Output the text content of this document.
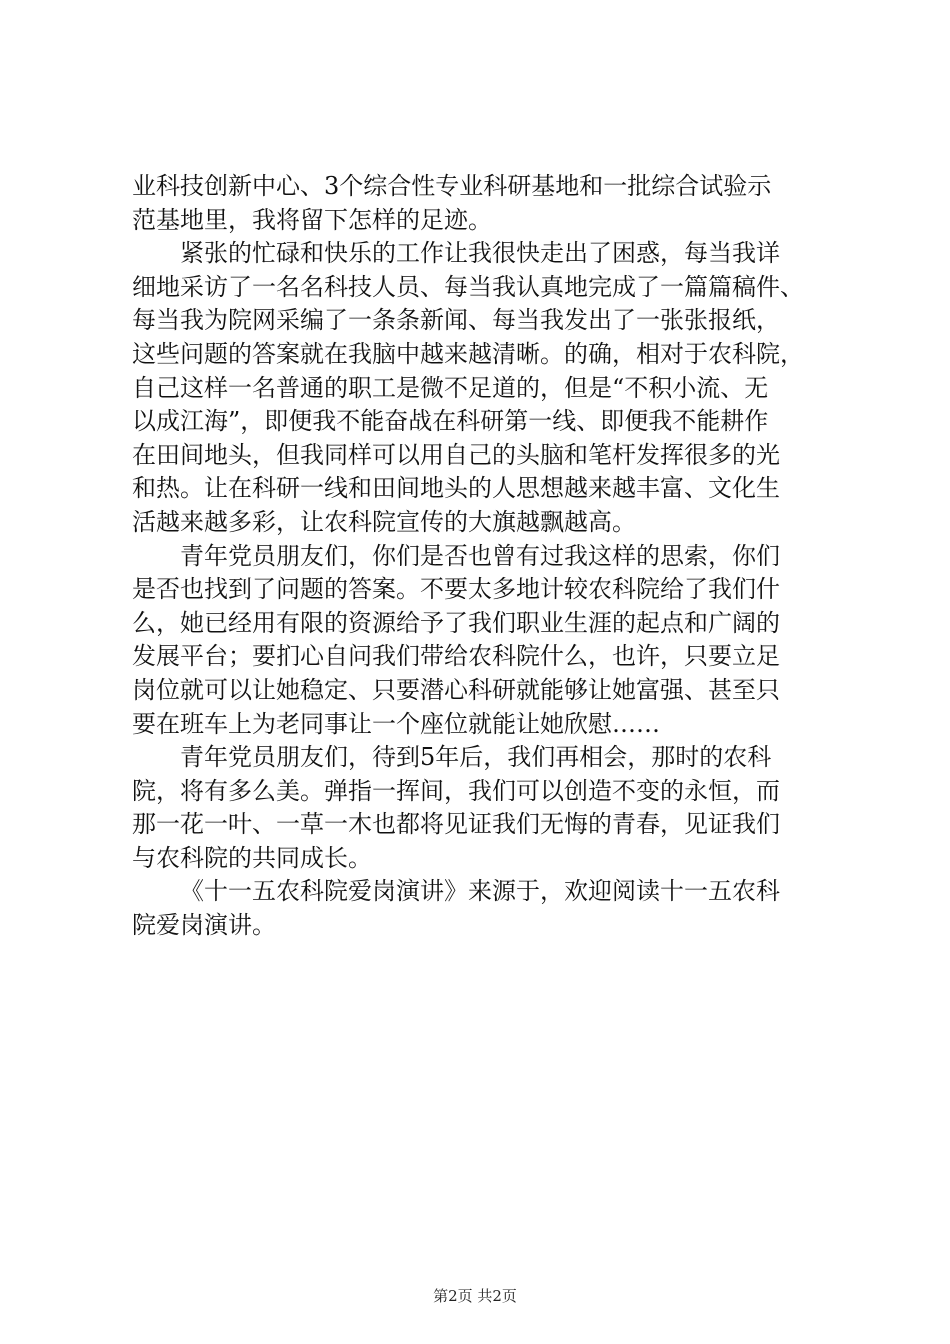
业科技创新中心、3个综合性专业科研基地和一批综合试验示
范基地里，我将留下怎样的足迹。
紧张的忙碌和快乐的工作让我很快走出了困惑，每当我详
细地采访了一名名科技人员、每当我认真地完成了一篇篇稿件、
每当我为院网采编了一条条新闻、每当我发出了一张张报纸，
这些问题的答案就在我脑中越来越清晰。的确，相对于农科院，
自己这样一名普通的职工是微不足道的，但是“不积小流、无
以成江海”，即便我不能奋战在科研第一线、即便我不能耕作
在田间地头，但我同样可以用自己的头脑和笔杆发挥很多的光
和热。让在科研一线和田间地头的人思想越来越丰富、文化生
活越来越多彩，让农科院宣传的大旗越飘越高。
青年党员朋友们，你们是否也曾有过我这样的思索，你们
是否也找到了问题的答案。不要太多地计较农科院给了我们什
么，她已经用有限的资源给予了我们职业生涯的起点和广阔的
发展平台；要扪心自问我们带给农科院什么，也许，只要立足
岗位就可以让她稳定、只要潜心科研就能够让她富强、甚至只
要在班车上为老同事让一个座位就能让她欣慰……
青年党员朋友们，待到5年后，我们再相会，那时的农科
院，将有多么美。弹指一挥间，我们可以创造不变的永恒，而
那一花一叶、一草一木也都将见证我们无悔的青春，见证我们
与农科院的共同成长。
《十一五农科院爱岗演讲》来源于，欢迎阅读十一五农科
院爱岗演讲。
第2页 共2页
